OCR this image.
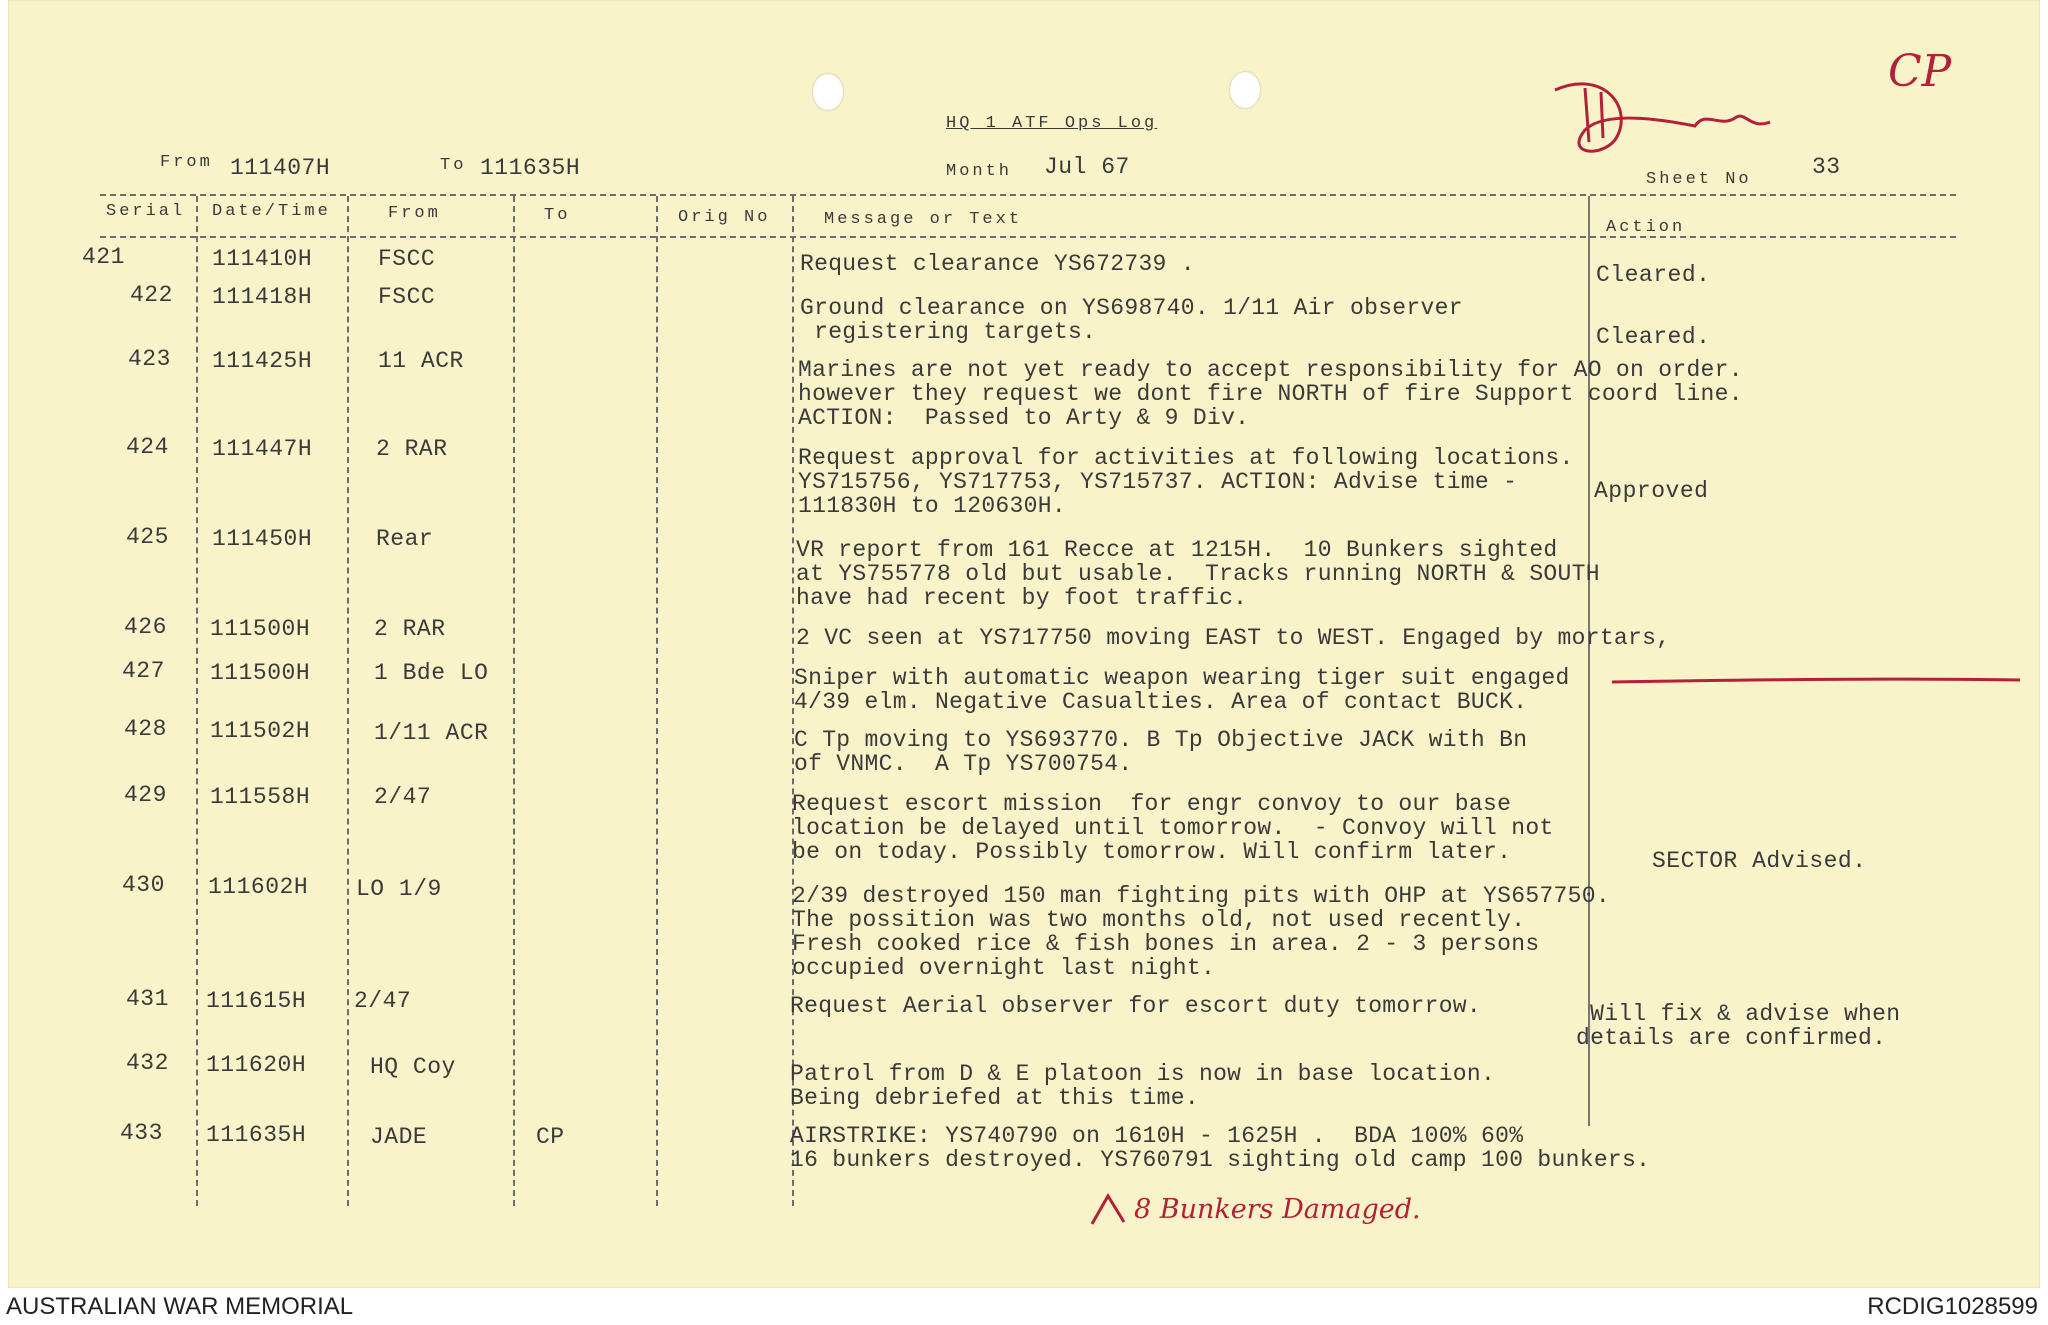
HQ 1 ATF Ops Log
From 111407H	To 111635H	Month Jul 67	Sheet No	33
CP
Serial Date/Time	From	To	Orig No	Message or Text	Action
421	111410H	FSCC	Request clearance YS672739 .	Cleared.
422 111418H	FSCC	Ground clearance on YS698740. 1/11 Air observer
registering targets.	Cleared.
423 111425H	11 ACR	Marines are not yet ready to accept responsibility for AO on order.
however they request we dont fire NORTH of fire Support coord line.
ACTION:  Passed to Arty & 9 Div.
424 111447H	2 RAR	Request approval for activities at following locations.
YS715756, YS717753, YS715737. ACTION: Advise time -
111830H to 120630H.
Approved
425 111450H	Rear	VR report from 161 Recce at 1215H.  10 Bunkers sighted
at YS755778 old but usable.  Tracks running NORTH & SOUTH
have had recent by foot traffic.
426 111500H	2 RAR	2 VC seen at YS717750 moving EAST to WEST. Engaged by mortars,
427 111500H	1 Bde LO	Sniper with automatic weapon wearing tiger suit engaged
4/39 elm. Negative Casualties. Area of contact BUCK.
428 111502H	1/11 ACR	C Tp moving to YS693770. B Tp Objective JACK with Bn
of VNMC.  A Tp YS700754.
429 111558H	2/47	Request escort mission  for engr convoy to our base
location be delayed until tomorrow.  - Convoy will not
be on today. Possibly tomorrow. Will confirm later.	SECTOR Advised.
430 111602H LO 1/9	2/39 destroyed 150 man fighting pits with OHP at YS657750.
The possition was two months old, not used recently.
Fresh cooked rice & fish bones in area. 2 - 3 persons
occupied overnight last night.
431 111615H 2/47	Request Aerial observer for escort duty tomorrow.	Will fix & advise when
details are confirmed.
432 111620H	HQ Coy	Patrol from D & E platoon is now in base location.
Being debriefed at this time.
433 111635H	JADE	CP	AIRSTRIKE: YS740790 on 1610H - 1625H .  BDA 100% 60%
16 bunkers destroyed. YS760791 sighting old camp 100 bunkers.
8 Bunkers Damaged.
AUSTRALIAN WAR MEMORIAL	RCDIG1028599
